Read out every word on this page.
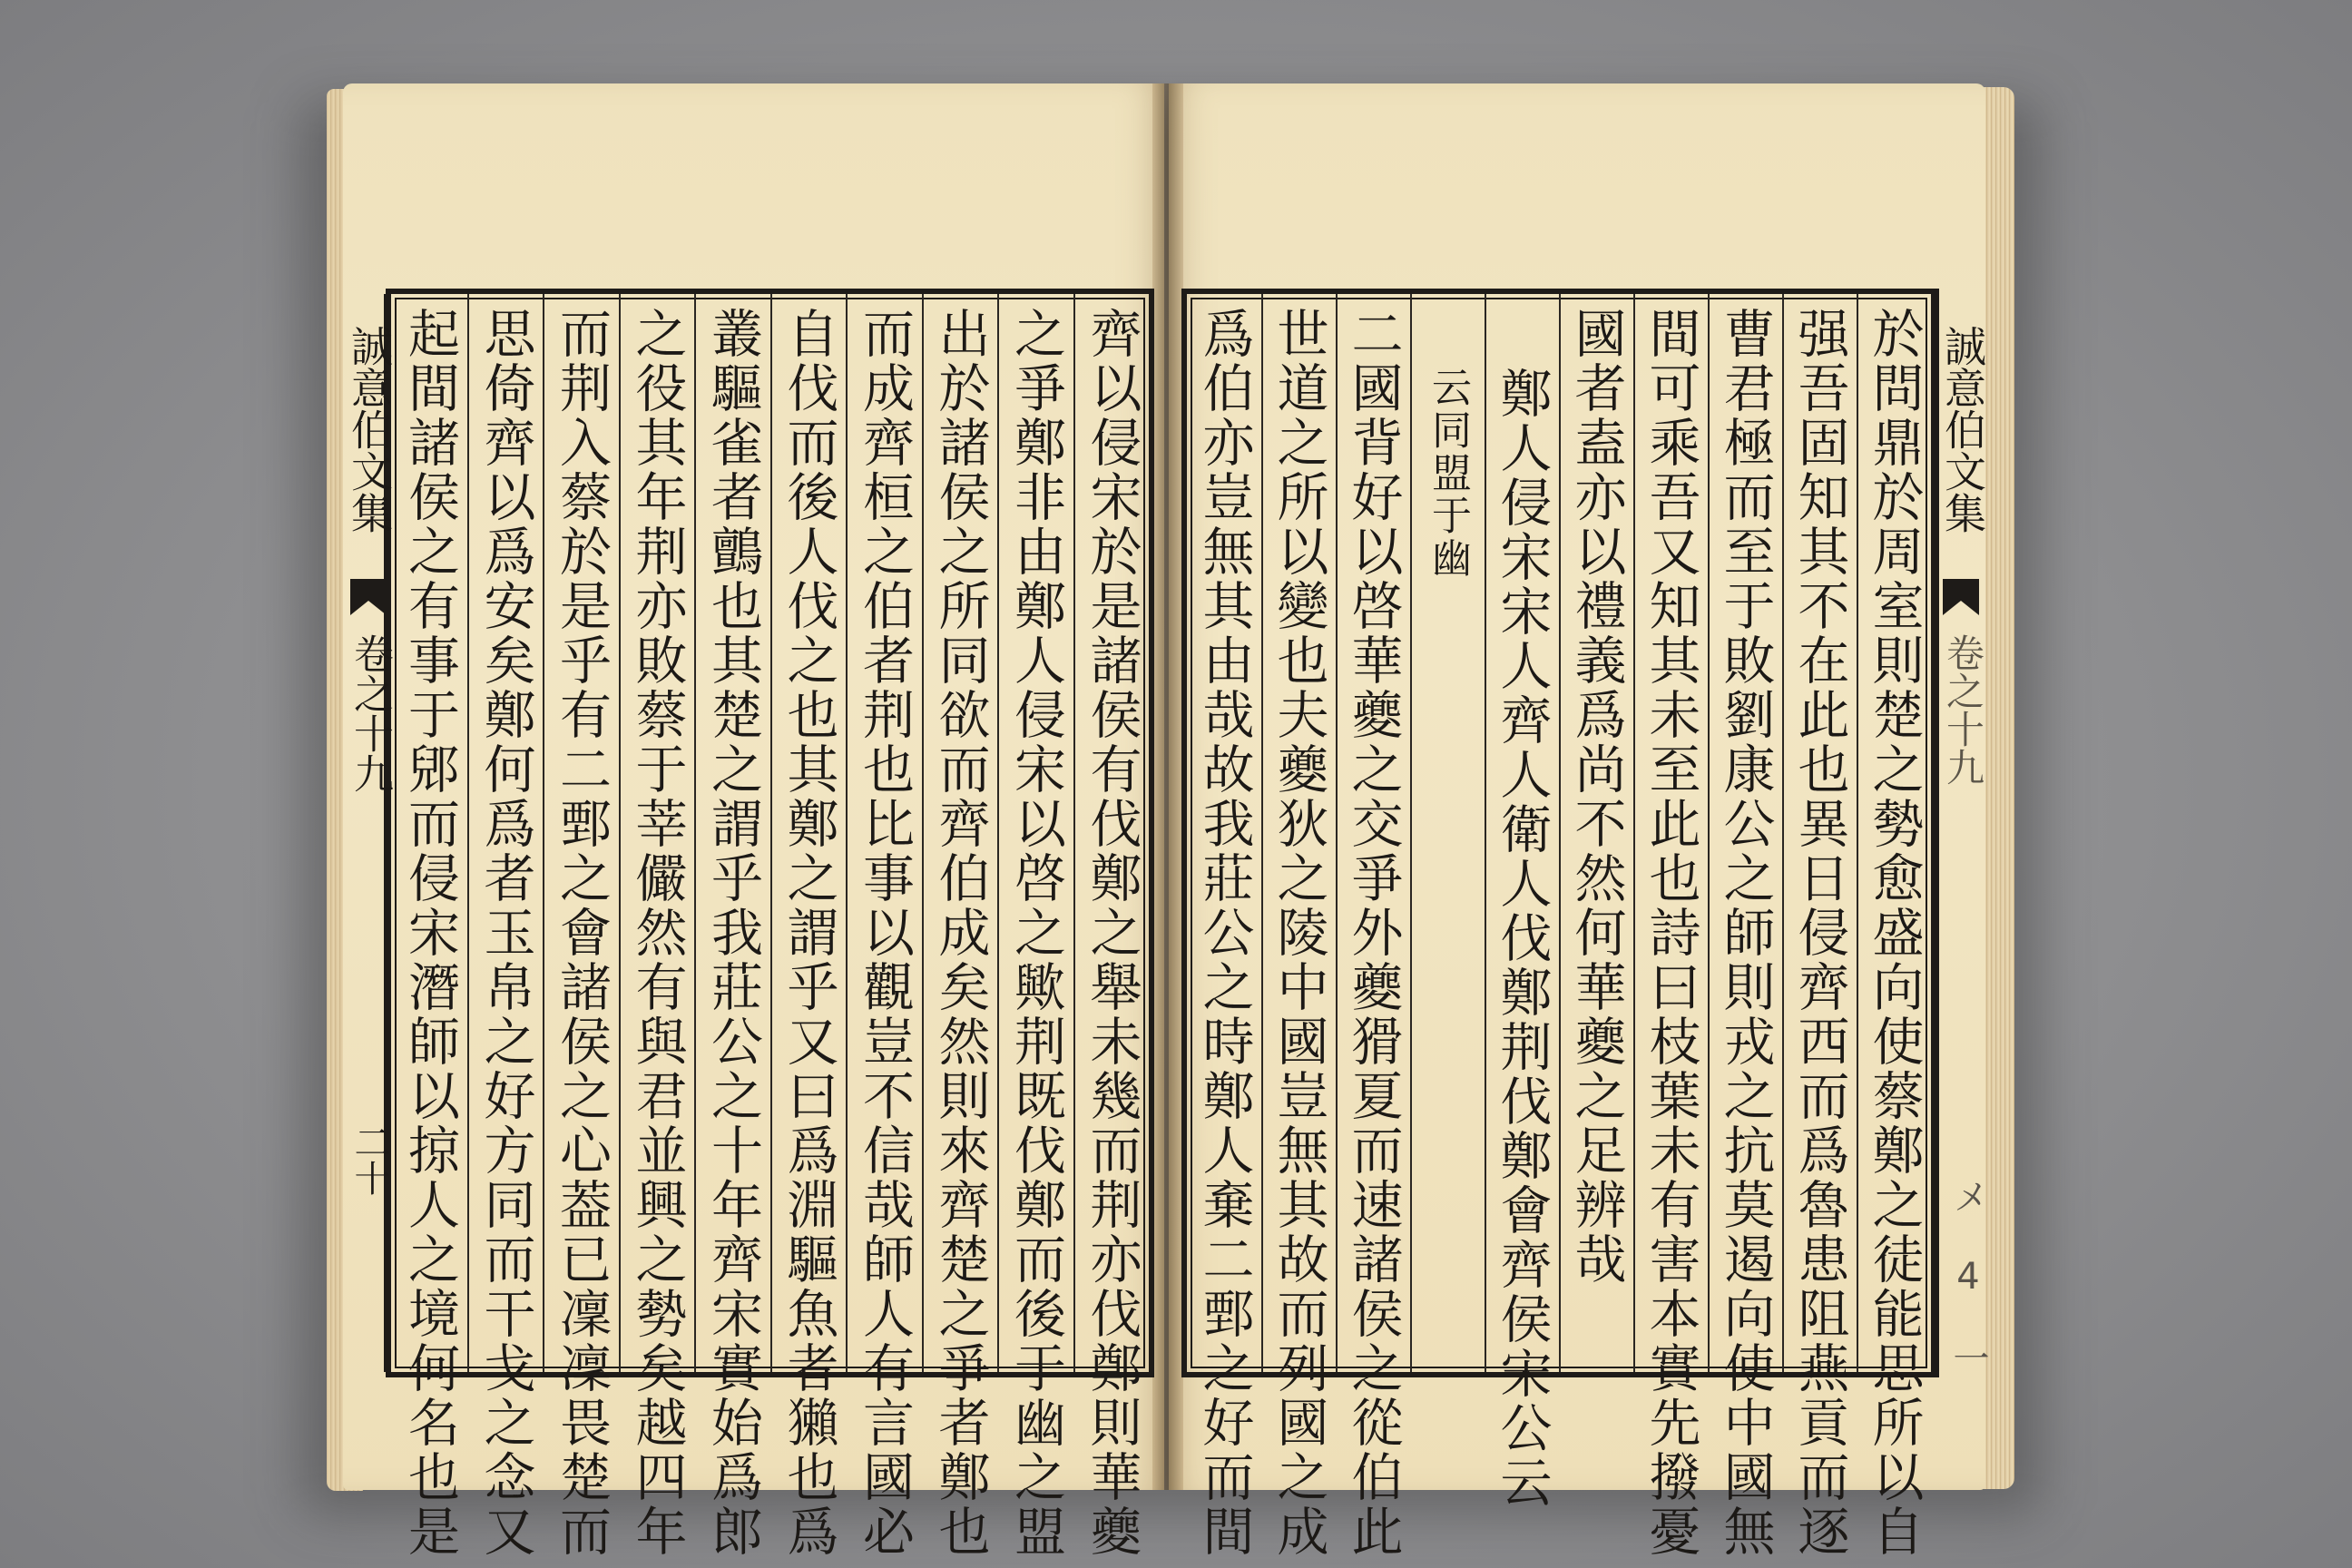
齊以侵宋於是諸侯有伐鄭之舉未幾而荆亦伐鄭則華夔
之爭鄭非由鄭人侵宋以啓之歟荆既伐鄭而後于幽之盟
出於諸侯之所同欲而齊伯成矣然則來齊楚之爭者鄭也
而成齊桓之伯者荆也比事以觀豈不信哉師人有言國必
自伐而後人伐之也其鄭之謂乎又曰爲淵驅魚者獺也爲
叢驅雀者鸇也其楚之謂乎我莊公之十年齊宋實始爲郎
之役其年荆亦敗蔡于莘儼然有與君並興之勢矣越四年
而荆入蔡於是乎有二鄄之會諸侯之心葢已凜凜畏楚而
思倚齊以爲安矣鄭何爲者玉帛之好方同而干戈之念又
起間諸侯之有事于郳而侵宋潛師以掠人之境何名也是
誠意伯文集
卷之十九
二十	於問鼎於周室則楚之勢愈盛向使蔡鄭之徒能思所以自
强吾固知其不在此也異日侵齊西而爲魯患阻燕貢而逐
曹君極而至于敗劉康公之師則戎之抗莫遏向使中國無
間可乘吾又知其未至此也詩曰枝葉未有害本實先撥憂
國者盍亦以禮義爲尚不然何華夔之足辨哉
鄭人侵宋宋人齊人衛人伐鄭荆伐鄭會齊侯宋公云
云同盟于幽
二國背好以啓華夔之交爭外夔猾夏而速諸侯之從伯此
世道之所以變也夫夔狄之陵中國豈無其故而列國之成
爲伯亦豈無其由哉故我莊公之時鄭人棄二鄄之好而間	誠意伯文集
卷之十九
メ 4 一
